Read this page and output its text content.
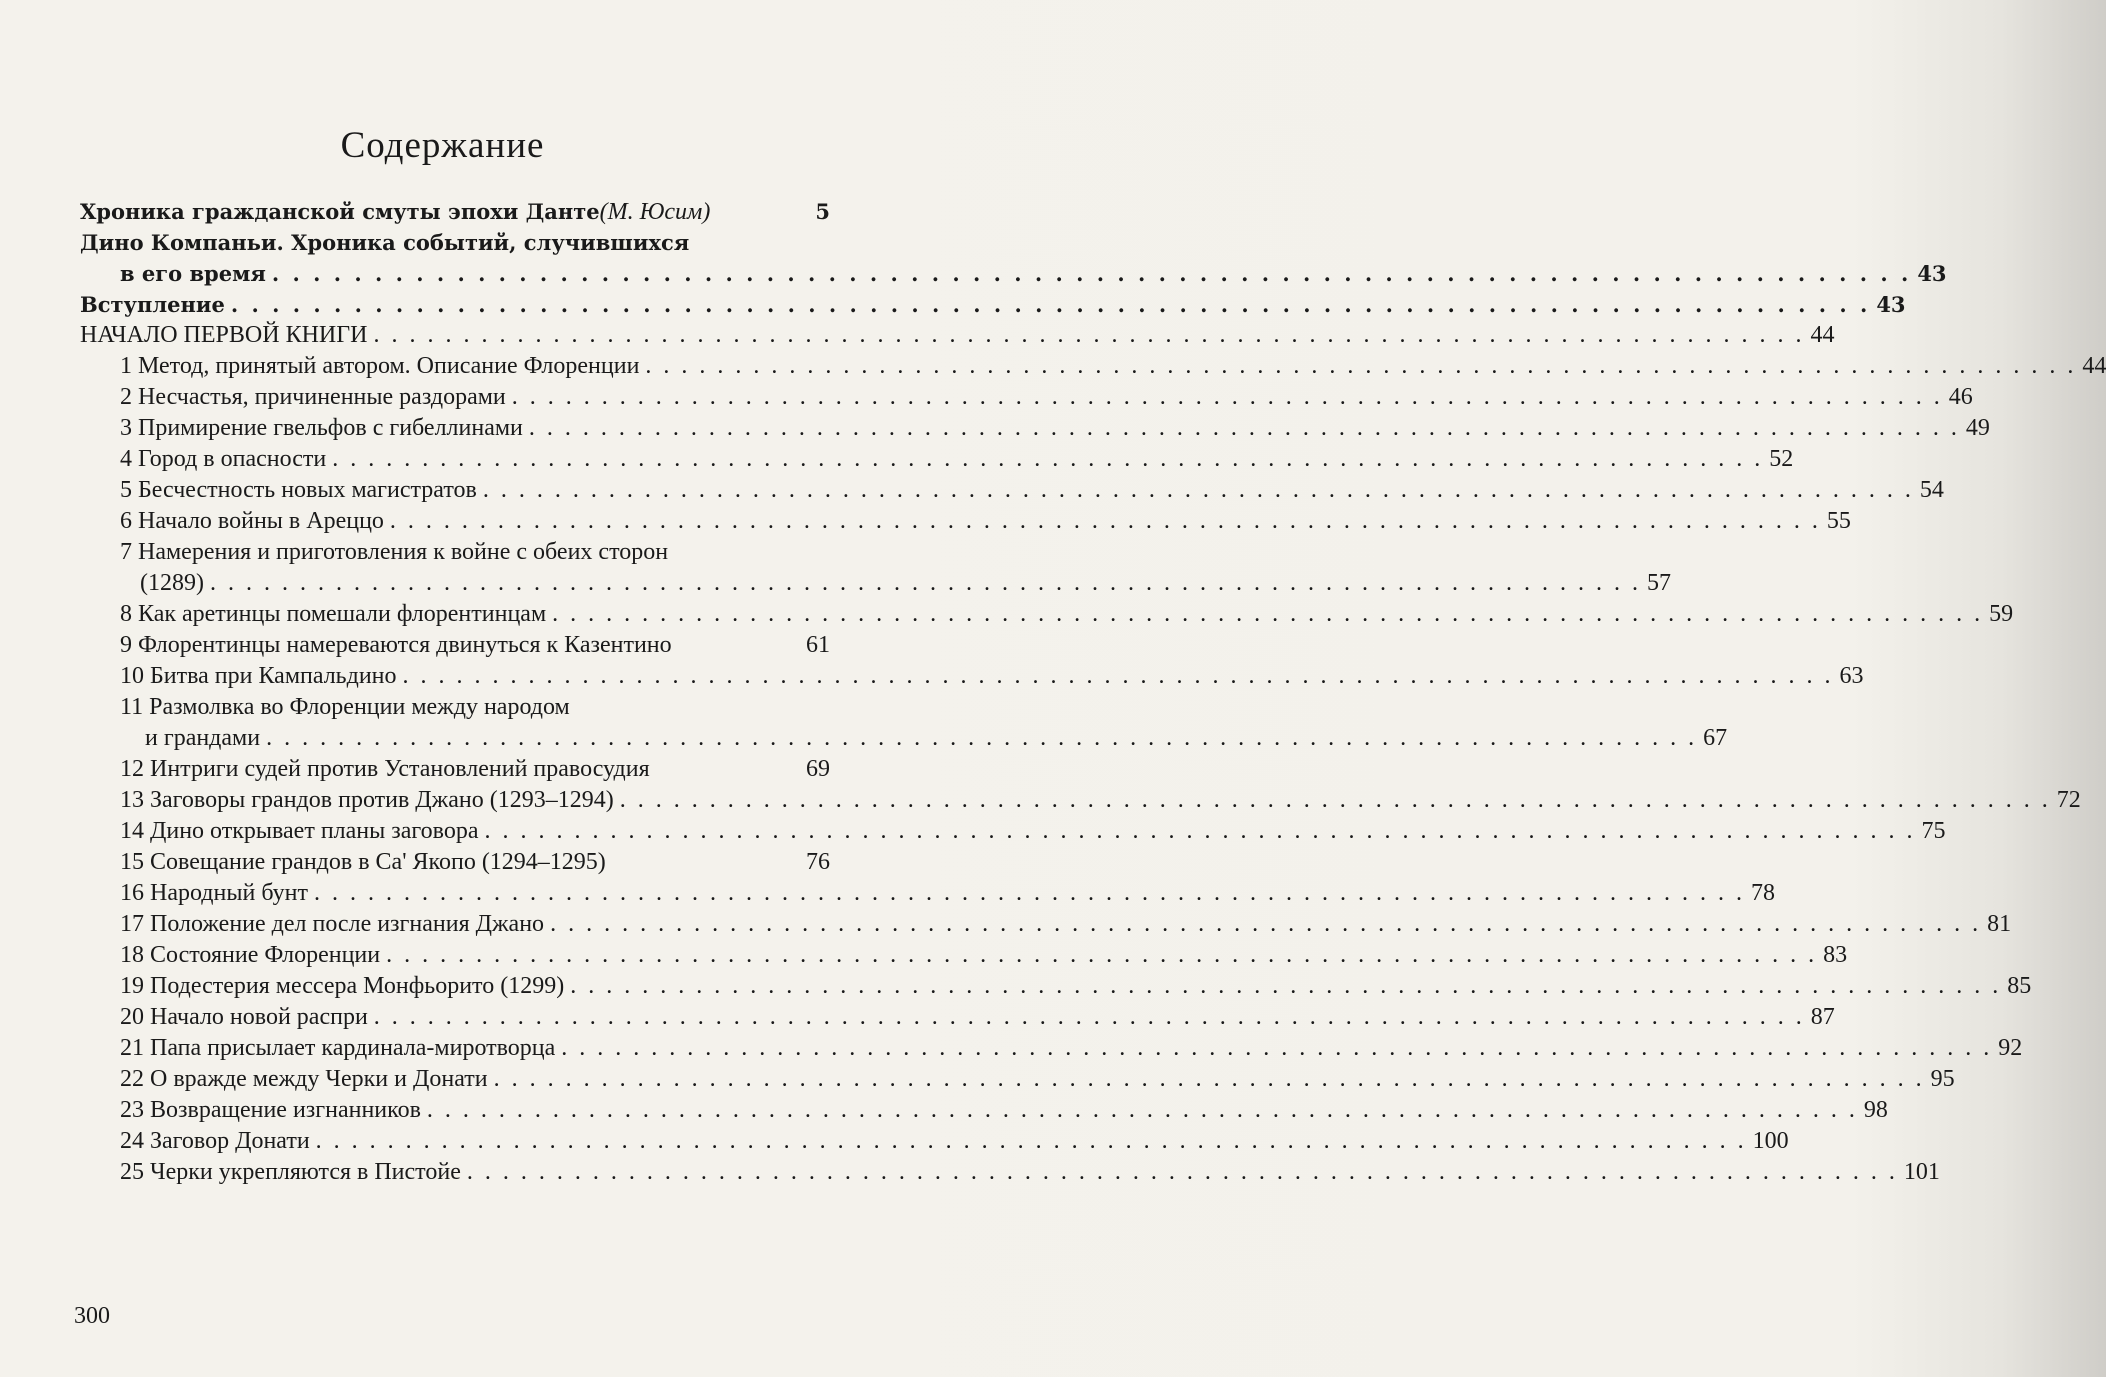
Содержание
Хроника гражданской смуты эпохи Данте (М. Юсим)	5
Дино Компаньи. Хроника событий, случившихся
в его время . . . . . . . . . . . . . . . . . . . . . . . . . . . . . . . . . . . . . . . . . . . . . . . . . . . . . . . . . . . . . . . . . . . . . . . . . . . . . . . . 43
Вступление . . . . . . . . . . . . . . . . . . . . . . . . . . . . . . . . . . . . . . . . . . . . . . . . . . . . . . . . . . . . . . . . . . . . . . . . . . . . . . . . 43
НАЧАЛО ПЕРВОЙ КНИГИ . . . . . . . . . . . . . . . . . . . . . . . . . . . . . . . . . . . . . . . . . . . . . . . . . . . . . . . . . . . . . . . . . . . . . . . . . . . . . . . . 44
1 Метод, принятый автором. Описание Флоренции . . . . . . . . . . . . . . . . . . . . . . . . . . . . . . . . . . . . . . . . . . . . . . . . . . . . . . . . . . . . . . . . . . . . . . . . . . . . . . . . 44
2 Несчастья, причиненные раздорами . . . . . . . . . . . . . . . . . . . . . . . . . . . . . . . . . . . . . . . . . . . . . . . . . . . . . . . . . . . . . . . . . . . . . . . . . . . . . . . . 46
3 Примирение гвельфов с гибеллинами . . . . . . . . . . . . . . . . . . . . . . . . . . . . . . . . . . . . . . . . . . . . . . . . . . . . . . . . . . . . . . . . . . . . . . . . . . . . . . . . 49
4 Город в опасности . . . . . . . . . . . . . . . . . . . . . . . . . . . . . . . . . . . . . . . . . . . . . . . . . . . . . . . . . . . . . . . . . . . . . . . . . . . . . . . . 52
5 Бесчестность новых магистратов . . . . . . . . . . . . . . . . . . . . . . . . . . . . . . . . . . . . . . . . . . . . . . . . . . . . . . . . . . . . . . . . . . . . . . . . . . . . . . . . 54
6 Начало войны в Ареццо . . . . . . . . . . . . . . . . . . . . . . . . . . . . . . . . . . . . . . . . . . . . . . . . . . . . . . . . . . . . . . . . . . . . . . . . . . . . . . . . 55
7 Намерения и приготовления к войне с обеих сторон
(1289) . . . . . . . . . . . . . . . . . . . . . . . . . . . . . . . . . . . . . . . . . . . . . . . . . . . . . . . . . . . . . . . . . . . . . . . . . . . . . . . . 57
8 Как аретинцы помешали флорентинцам . . . . . . . . . . . . . . . . . . . . . . . . . . . . . . . . . . . . . . . . . . . . . . . . . . . . . . . . . . . . . . . . . . . . . . . . . . . . . . . . 59
9 Флорентинцы намереваются двинуться к Казентино	61
10 Битва при Кампальдино . . . . . . . . . . . . . . . . . . . . . . . . . . . . . . . . . . . . . . . . . . . . . . . . . . . . . . . . . . . . . . . . . . . . . . . . . . . . . . . . 63
11 Размолвка во Флоренции между народом
и грандами . . . . . . . . . . . . . . . . . . . . . . . . . . . . . . . . . . . . . . . . . . . . . . . . . . . . . . . . . . . . . . . . . . . . . . . . . . . . . . . . 67
12 Интриги судей против Установлений правосудия	69
13 Заговоры грандов против Джано (1293–1294) . . . . . . . . . . . . . . . . . . . . . . . . . . . . . . . . . . . . . . . . . . . . . . . . . . . . . . . . . . . . . . . . . . . . . . . . . . . . . . . . 72
14 Дино открывает планы заговора . . . . . . . . . . . . . . . . . . . . . . . . . . . . . . . . . . . . . . . . . . . . . . . . . . . . . . . . . . . . . . . . . . . . . . . . . . . . . . . . 75
15 Совещание грандов в Са' Якопо (1294–1295)	76
16 Народный бунт . . . . . . . . . . . . . . . . . . . . . . . . . . . . . . . . . . . . . . . . . . . . . . . . . . . . . . . . . . . . . . . . . . . . . . . . . . . . . . . . 78
17 Положение дел после изгнания Джано . . . . . . . . . . . . . . . . . . . . . . . . . . . . . . . . . . . . . . . . . . . . . . . . . . . . . . . . . . . . . . . . . . . . . . . . . . . . . . . . 81
18 Состояние Флоренции . . . . . . . . . . . . . . . . . . . . . . . . . . . . . . . . . . . . . . . . . . . . . . . . . . . . . . . . . . . . . . . . . . . . . . . . . . . . . . . . 83
19 Подестерия мессера Монфьорито (1299) . . . . . . . . . . . . . . . . . . . . . . . . . . . . . . . . . . . . . . . . . . . . . . . . . . . . . . . . . . . . . . . . . . . . . . . . . . . . . . . . 85
20 Начало новой распри . . . . . . . . . . . . . . . . . . . . . . . . . . . . . . . . . . . . . . . . . . . . . . . . . . . . . . . . . . . . . . . . . . . . . . . . . . . . . . . . 87
21 Папа присылает кардинала-миротворца . . . . . . . . . . . . . . . . . . . . . . . . . . . . . . . . . . . . . . . . . . . . . . . . . . . . . . . . . . . . . . . . . . . . . . . . . . . . . . . . 92
22 О вражде между Черки и Донати . . . . . . . . . . . . . . . . . . . . . . . . . . . . . . . . . . . . . . . . . . . . . . . . . . . . . . . . . . . . . . . . . . . . . . . . . . . . . . . . 95
23 Возвращение изгнанников . . . . . . . . . . . . . . . . . . . . . . . . . . . . . . . . . . . . . . . . . . . . . . . . . . . . . . . . . . . . . . . . . . . . . . . . . . . . . . . . 98
24 Заговор Донати . . . . . . . . . . . . . . . . . . . . . . . . . . . . . . . . . . . . . . . . . . . . . . . . . . . . . . . . . . . . . . . . . . . . . . . . . . . . . . . . 100
25 Черки укрепляются в Пистойе . . . . . . . . . . . . . . . . . . . . . . . . . . . . . . . . . . . . . . . . . . . . . . . . . . . . . . . . . . . . . . . . . . . . . . . . . . . . . . . . 101
300
